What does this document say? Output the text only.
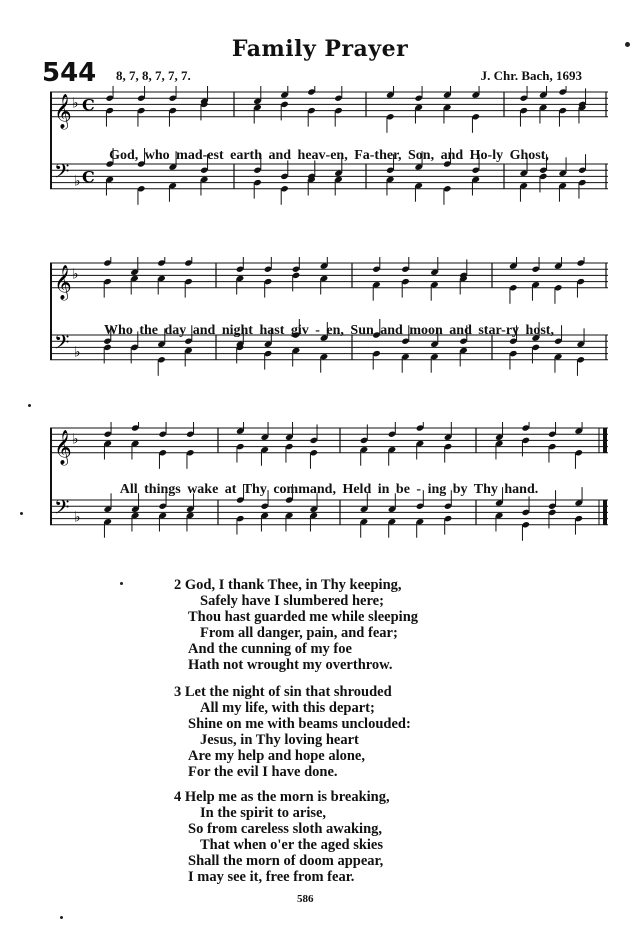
Family Prayer
544 8, 7, 8, 7, 7, 7.	J. Chr. Bach, 1693
𝄞
𝄢
♭
♭
C
C
God, who mad-est earth and heav-en, Fa-ther, Son, and Ho-ly Ghost,
𝄞
𝄢
♭
♭
Who the day and night hast giv - en, Sun and moon and star-ry host,
𝄞
𝄢
♭
♭
All things wake at Thy command, Held in be - ing by Thy hand.
2 God, I thank Thee, in Thy keeping,
Safely have I slumbered here;
Thou hast guarded me while sleeping
From all danger, pain, and fear;
And the cunning of my foe
Hath not wrought my overthrow.
3 Let the night of sin that shrouded
All my life, with this depart;
Shine on me with beams unclouded:
Jesus, in Thy loving heart
Are my help and hope alone,
For the evil I have done.
4 Help me as the morn is breaking,
In the spirit to arise,
So from careless sloth awaking,
That when o'er the aged skies
Shall the morn of doom appear,
I may see it, free from fear.
586
